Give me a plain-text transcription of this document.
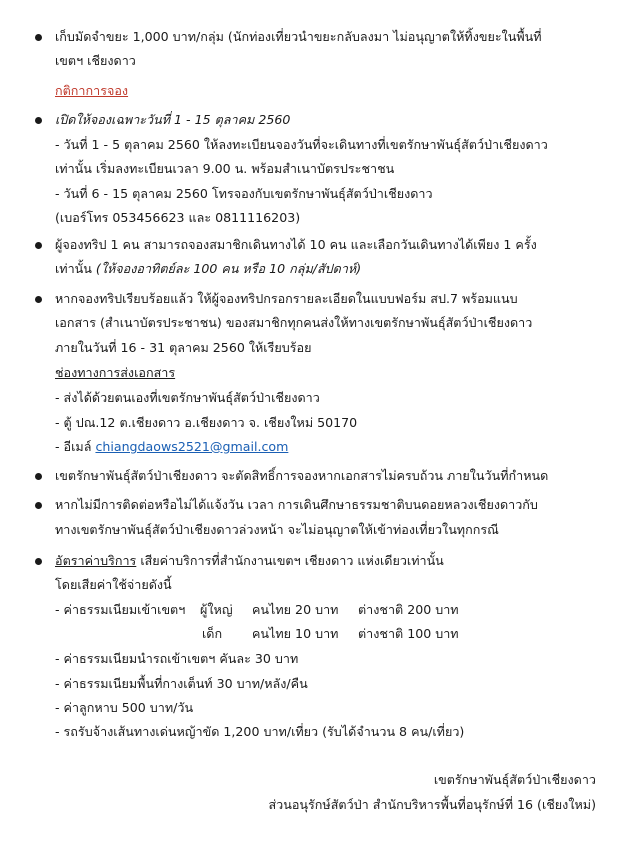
เก็บมัดจำขยะ 1,000 บาท/กลุ่ม (นักท่องเที่ยวนำขยะกลับลงมา ไม่อนุญาตให้ทิ้งขยะในพื้นที่
เขตฯ เชียงดาว
กติกาการจอง
เปิดให้จองเฉพาะวันที่ 1 - 15 ตุลาคม 2560
- วันที่ 1 - 5 ตุลาคม 2560 ให้ลงทะเบียนจองวันที่จะเดินทางที่เขตรักษาพันธุ์สัตว์ป่าเชียงดาว
เท่านั้น เริ่มลงทะเบียนเวลา 9.00 น. พร้อมสำเนาบัตรประชาชน
- วันที่ 6 - 15 ตุลาคม 2560 โทรจองกับเขตรักษาพันธุ์สัตว์ป่าเชียงดาว
(เบอร์โทร 053456623 และ 0811116203)
ผู้จองทริป 1 คน สามารถจองสมาชิกเดินทางได้ 10 คน และเลือกวันเดินทางได้เพียง 1 ครั้ง
เท่านั้น (ให้จองอาทิตย์ละ 100 คน หรือ 10 กลุ่ม/สัปดาห์)
หากจองทริปเรียบร้อยแล้ว ให้ผู้จองทริปกรอกรายละเอียดในแบบฟอร์ม สป.7 พร้อมแนบ
เอกสาร (สำเนาบัตรประชาชน) ของสมาชิกทุกคนส่งให้ทางเขตรักษาพันธุ์สัตว์ป่าเชียงดาว
ภายในวันที่ 16 - 31 ตุลาคม 2560 ให้เรียบร้อย
ช่องทางการส่งเอกสาร
- ส่งได้ด้วยตนเองที่เขตรักษาพันธุ์สัตว์ป่าเชียงดาว
- ตู้ ปณ.12 ต.เชียงดาว อ.เชียงดาว จ. เชียงใหม่ 50170
- อีเมล์ chiangdaows2521@gmail.com
เขตรักษาพันธุ์สัตว์ป่าเชียงดาว จะตัดสิทธิ์การจองหากเอกสารไม่ครบถ้วน ภายในวันที่กำหนด
หากไม่มีการติดต่อหรือไม่ได้แจ้งวัน เวลา การเดินศึกษาธรรมชาติบนดอยหลวงเชียงดาวกับ
ทางเขตรักษาพันธุ์สัตว์ป่าเชียงดาวล่วงหน้า จะไม่อนุญาตให้เข้าท่องเที่ยวในทุกกรณี
อัตราค่าบริการ เสียค่าบริการที่สำนักงานเขตฯ เชียงดาว แห่งเดียวเท่านั้น
โดยเสียค่าใช้จ่ายดังนี้
- ค่าธรรมเนียมเข้าเขตฯ ผู้ใหญ่ คนไทย 20 บาท ต่างชาติ 200 บาท
เด็ก คนไทย 10 บาท ต่างชาติ 100 บาท
- ค่าธรรมเนียมนำรถเข้าเขตฯ คันละ 30 บาท
- ค่าธรรมเนียมพื้นที่กางเต็นท์ 30 บาท/หลัง/คืน
- ค่าลูกหาบ 500 บาท/วัน
- รถรับจ้างเส้นทางเด่นหญ้าขัด 1,200 บาท/เที่ยว (รับได้จำนวน 8 คน/เที่ยว)
เขตรักษาพันธุ์สัตว์ป่าเชียงดาว
ส่วนอนุรักษ์สัตว์ป่า สำนักบริหารพื้นที่อนุรักษ์ที่ 16 (เชียงใหม่)
